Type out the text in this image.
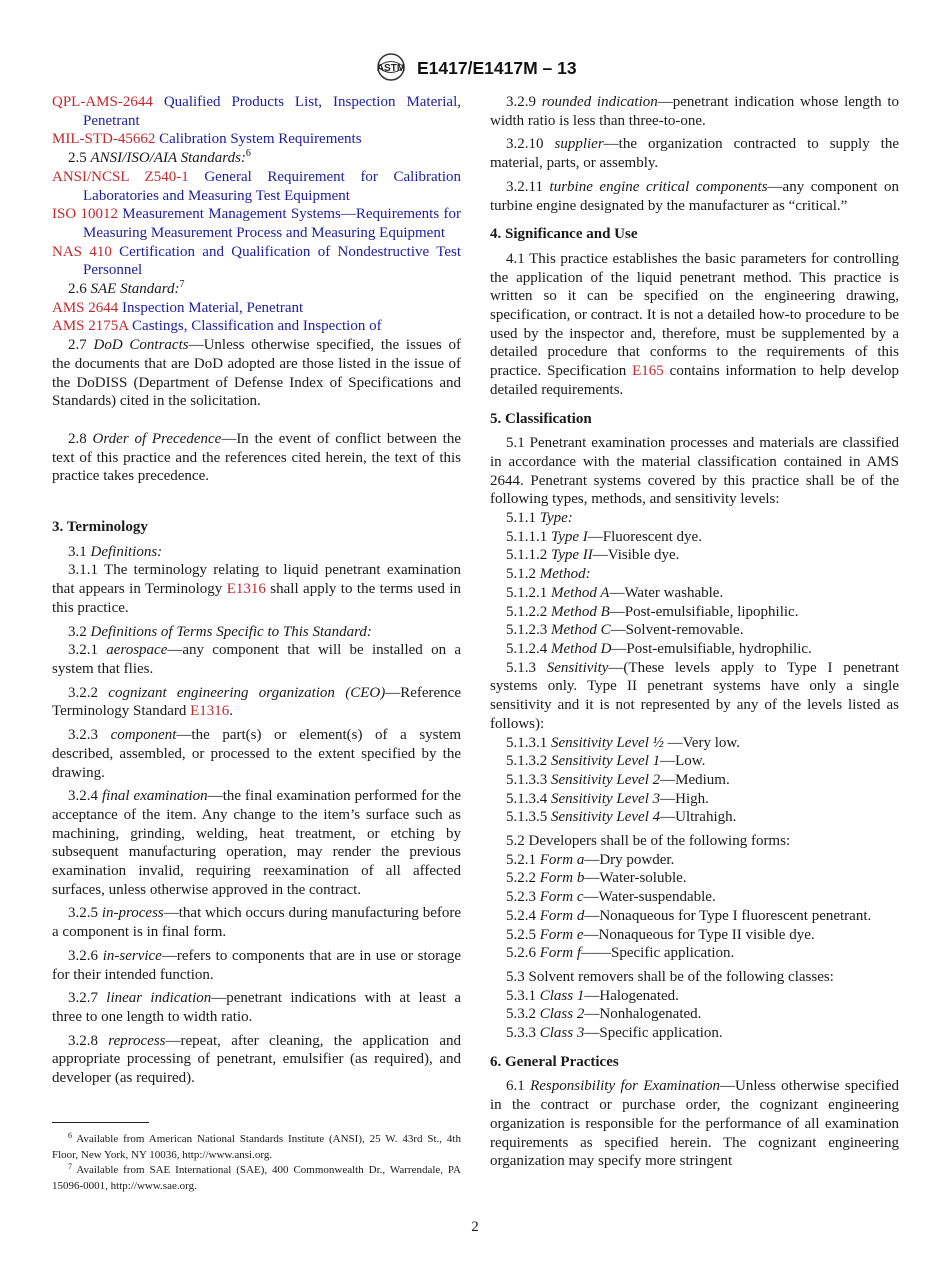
ASTM E1417/E1417M – 13
QPL-AMS-2644 Qualified Products List, Inspection Material, Penetrant
MIL-STD-45662 Calibration System Requirements
2.5 ANSI/ISO/AIA Standards:$^6$
ANSI/NCSL Z540-1 General Requirement for Calibration Laboratories and Measuring Test Equipment
ISO 10012 Measurement Management Systems—Requirements for Measuring Measurement Process and Measuring Equipment
NAS 410 Certification and Qualification of Nondestructive Test Personnel
2.6 SAE Standard:$^7$
AMS 2644 Inspection Material, Penetrant
AMS 2175A Castings, Classification and Inspection of
2.7 DoD Contracts—Unless otherwise specified, the issues of the documents that are DoD adopted are those listed in the issue of the DoDISS (Department of Defense Index of Specifications and Standards) cited in the solicitation.
2.8 Order of Precedence—In the event of conflict between the text of this practice and the references cited herein, the text of this practice takes precedence.
3. Terminology
3.1 Definitions:
3.1.1 The terminology relating to liquid penetrant examination that appears in Terminology E1316 shall apply to the terms used in this practice.
3.2 Definitions of Terms Specific to This Standard:
3.2.1 aerospace—any component that will be installed on a system that flies.
3.2.2 cognizant engineering organization (CEO)—Reference Terminology Standard E1316.
3.2.3 component—the part(s) or element(s) of a system described, assembled, or processed to the extent specified by the drawing.
3.2.4 final examination—the final examination performed for the acceptance of the item. Any change to the item’s surface such as machining, grinding, welding, heat treatment, or etching by subsequent manufacturing operation, may render the previous examination invalid, requiring reexamination of all affected surfaces, unless otherwise approved in the contract.
3.2.5 in-process—that which occurs during manufacturing before a component is in final form.
3.2.6 in-service—refers to components that are in use or storage for their intended function.
3.2.7 linear indication—penetrant indications with at least a three to one length to width ratio.
3.2.8 reprocess—repeat, after cleaning, the application and appropriate processing of penetrant, emulsifier (as required), and developer (as required).
3.2.9 rounded indication—penetrant indication whose length to width ratio is less than three-to-one.
3.2.10 supplier—the organization contracted to supply the material, parts, or assembly.
3.2.11 turbine engine critical components—any component on turbine engine designated by the manufacturer as “critical.”
4. Significance and Use
4.1 This practice establishes the basic parameters for controlling the application of the liquid penetrant method. This practice is written so it can be specified on the engineering drawing, specification, or contract. It is not a detailed how-to procedure to be used by the inspector and, therefore, must be supplemented by a detailed procedure that conforms to the requirements of this practice. Specification E165 contains information to help develop detailed requirements.
5. Classification
5.1 Penetrant examination processes and materials are classified in accordance with the material classification contained in AMS 2644. Penetrant systems covered by this practice shall be of the following types, methods, and sensitivity levels:
5.1.1 Type:
5.1.1.1 Type I—Fluorescent dye.
5.1.1.2 Type II—Visible dye.
5.1.2 Method:
5.1.2.1 Method A—Water washable.
5.1.2.2 Method B—Post-emulsifiable, lipophilic.
5.1.2.3 Method C—Solvent-removable.
5.1.2.4 Method D—Post-emulsifiable, hydrophilic.
5.1.3 Sensitivity—(These levels apply to Type I penetrant systems only. Type II penetrant systems have only a single sensitivity and it is not represented by any of the levels listed as follows):
5.1.3.1 Sensitivity Level ½ —Very low.
5.1.3.2 Sensitivity Level 1—Low.
5.1.3.3 Sensitivity Level 2—Medium.
5.1.3.4 Sensitivity Level 3—High.
5.1.3.5 Sensitivity Level 4—Ultrahigh.
5.2 Developers shall be of the following forms:
5.2.1 Form a—Dry powder.
5.2.2 Form b—Water-soluble.
5.2.3 Form c—Water-suspendable.
5.2.4 Form d—Nonaqueous for Type I fluorescent penetrant.
5.2.5 Form e—Nonaqueous for Type II visible dye.
5.2.6 Form f——Specific application.
5.3 Solvent removers shall be of the following classes:
5.3.1 Class 1—Halogenated.
5.3.2 Class 2—Nonhalogenated.
5.3.3 Class 3—Specific application.
6. General Practices
6.1 Responsibility for Examination—Unless otherwise specified in the contract or purchase order, the cognizant engineering organization is responsible for the performance of all examination requirements as specified herein. The cognizant engineering organization may specify more stringent
$^6$ Available from American National Standards Institute (ANSI), 25 W. 43rd St., 4th Floor, New York, NY 10036, http://www.ansi.org.
$^7$ Available from SAE International (SAE), 400 Commonwealth Dr., Warrendale, PA 15096-0001, http://www.sae.org.
2
